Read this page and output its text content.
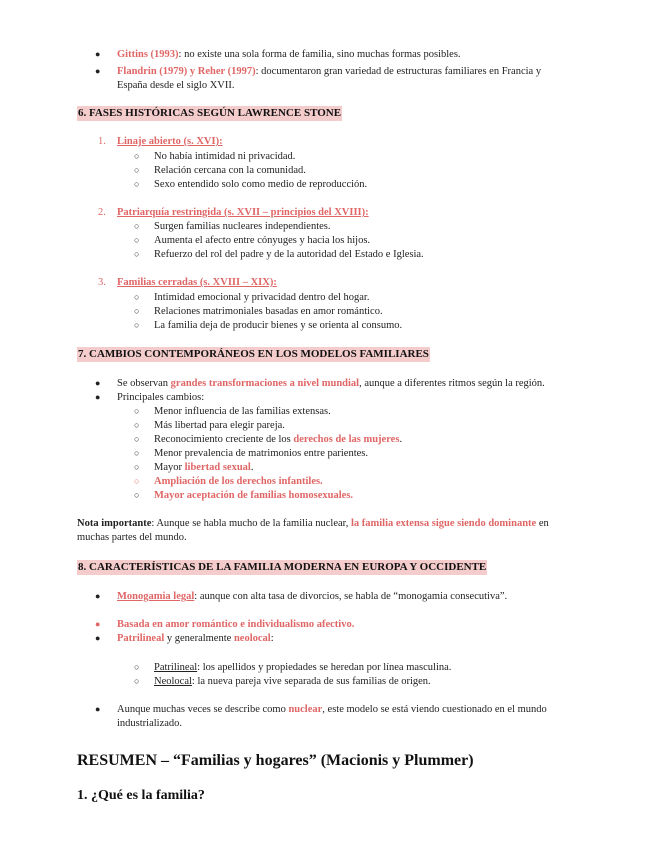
● Gittins (1993): no existe una sola forma de familia, sino muchas formas posibles.
● Flandrin (1979) y Reher (1997): documentaron gran variedad de estructuras familiares en Francia y
España desde el siglo XVII.
6. FASES HISTÓRICAS SEGÚN LAWRENCE STONE
1. Linaje abierto (s. XVI):
○ No había intimidad ni privacidad.
○ Relación cercana con la comunidad.
○ Sexo entendido solo como medio de reproducción.
2. Patriarquía restringida (s. XVII – principios del XVIII):
○ Surgen familias nucleares independientes.
○ Aumenta el afecto entre cónyuges y hacia los hijos.
○ Refuerzo del rol del padre y de la autoridad del Estado e Iglesia.
3. Familias cerradas (s. XVIII – XIX):
○ Intimidad emocional y privacidad dentro del hogar.
○ Relaciones matrimoniales basadas en amor romántico.
○ La familia deja de producir bienes y se orienta al consumo.
7. CAMBIOS CONTEMPORÁNEOS EN LOS MODELOS FAMILIARES
● Se observan grandes transformaciones a nivel mundial, aunque a diferentes ritmos según la región.
● Principales cambios:
○ Menor influencia de las familias extensas.
○ Más libertad para elegir pareja.
○ Reconocimiento creciente de los derechos de las mujeres.
○ Menor prevalencia de matrimonios entre parientes.
○ Mayor libertad sexual.
○ Ampliación de los derechos infantiles.
○ Mayor aceptación de familias homosexuales.
Nota importante: Aunque se habla mucho de la familia nuclear, la familia extensa sigue siendo dominante en
muchas partes del mundo.
8. CARACTERÍSTICAS DE LA FAMILIA MODERNA EN EUROPA Y OCCIDENTE
● Monogamia legal: aunque con alta tasa de divorcios, se habla de “monogamia consecutiva”.
● Basada en amor romántico e individualismo afectivo.
● Patrilineal y generalmente neolocal:
○ Patrilineal: los apellidos y propiedades se heredan por línea masculina.
○ Neolocal: la nueva pareja vive separada de sus familias de origen.
● Aunque muchas veces se describe como nuclear, este modelo se está viendo cuestionado en el mundo
industrializado.
RESUMEN – “Familias y hogares” (Macionis y Plummer)
1. ¿Qué es la familia?
